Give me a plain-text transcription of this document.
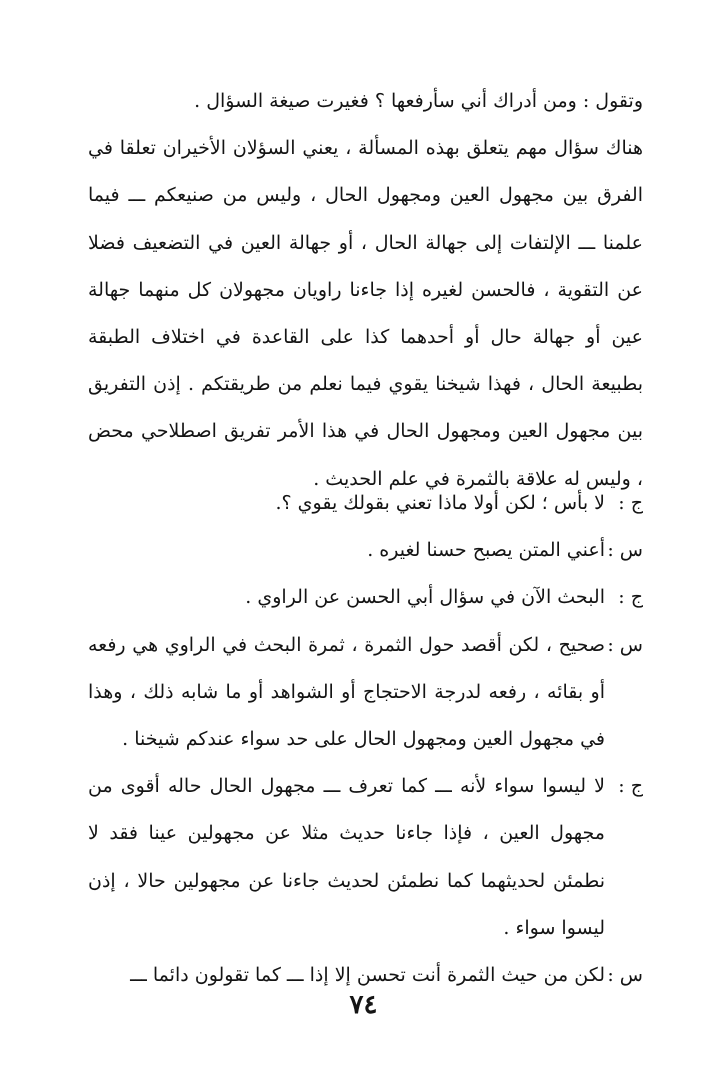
وتقول : ومن أدراك أني سأرفعها ؟ فغيرت صيغة السؤال .

هناك سؤال مهم يتعلق بهذه المسألة ، يعني السؤلان الأخيران تعلقا في الفرق بين مجهول العين ومجهول الحال ، وليس من صنيعكم ـــ فيما علمنا ـــ الإلتفات إلى جهالة الحال ، أو جهالة العين في التضعيف فضلا عن التقوية ، فالحسن لغيره إذا جاءنا راويان مجهولان كل منهما جهالة عين أو جهالة حال أو أحدهما كذا على القاعدة في اختلاف الطبقة بطبيعة الحال ، فهذا شيخنا يقوي فيما نعلم من طريقتكم . إذن التفريق بين مجهول العين ومجهول الحال في هذا الأمر تفريق اصطلاحي محض ، وليس له علاقة بالثمرة في علم الحديث .

ج :
لا بأس ؛ لكن أولا ماذا تعني بقولك يقوي ؟.
س :
أعني المتن يصبح حسنا لغيره .
ج :
البحث الآن في سؤال أبي الحسن عن الراوي .
س :
صحيح ، لكن أقصد حول الثمرة ، ثمرة البحث في الراوي هي رفعه أو بقائه ، رفعه لدرجة الاحتجاج أو الشواهد أو ما شابه ذلك ، وهذا في مجهول العين ومجهول الحال على حد سواء عندكم شيخنا .
ج :
لا ليسوا سواء لأنه ـــ كما تعرف ـــ مجهول الحال حاله أقوى من مجهول العين ، فإذا جاءنا حديث مثلا عن مجهولين عينا فقد لا نطمئن لحديثهما كما نطمئن لحديث جاءنا عن مجهولين حالا ، إذن ليسوا سواء .
س :
لكن من حيث الثمرة أنت تحسن إلا إذا ـــ كما تقولون دائما ـــ
٧٤
